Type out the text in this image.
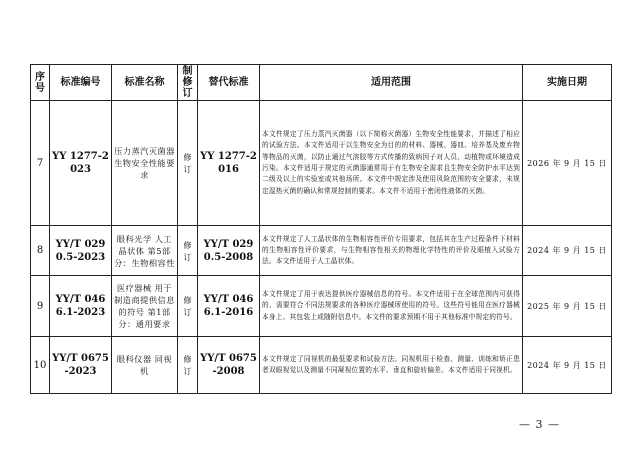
序号	标准编号	标准名称	制修订	替代标准	适用范围	实施日期
7	YY 1277-2023	压力蒸汽灭菌器 生物安全性能要求	修订	YY 1277-2016	本文件规定了压力蒸汽灭菌器（以下简称灭菌器）生物安全性能要求，并描述了相应的试验方法。本文件适用于以生物安全为目的的材料、器械、器皿、培养基及废弃物等物品的灭菌，以防止通过气溶胶等方式传播的致病因子对人员、动植物或环境造成污染。本文件适用于规定的灭菌器通常用于有生物安全需求且生物安全防护水平达到二级及以上的实验室或其他场所。本文件中规定涉及使用风险范围的安全要求，未规定湿热灭菌的确认和常规控制的要求。本文件不适用于密闭性液体的灭菌。	2026 年 9 月 15 日
8	YY/T 0290.5-2023	眼科光学 人工晶状体 第5部分：生物相容性	修订	YY/T 0290.5-2008	本文件规定了人工晶状体的生物相容性评价专用要求，包括其在生产过程条件下材料的生物相容性评价要求，与生物相容性相关的物理化学特性的评价及眼植入试验方法。本文件适用于人工晶状体。	2024 年 9 月 15 日
9	YY/T 0466.1-2023	医疗器械 用于制造商提供信息的符号 第1部分：通用要求	修订	YY/T 0466.1-2016	本文件规定了用于表达提供医疗器械信息的符号。本文件适用于在全球范围内可获得的、需要符合不同法规要求的各种医疗器械所使用的符号。这些符号能用在医疗器械本身上、其包装上或随附信息中。本文件的要求预期不用于其他标准中规定的符号。	2025 年 9 月 15 日
10	YY/T 0675-2023	眼科仪器 同视机	修订	YY/T 0675-2008	本文件规定了同视机的最低要求和试验方法。同视机用于检查、测量、训练和矫正患者双眼视觉以及测量不同凝视位置的水平、垂直和旋转偏差。本文件适用于同视机。	2024 年 9 月 15 日
— 3 —
